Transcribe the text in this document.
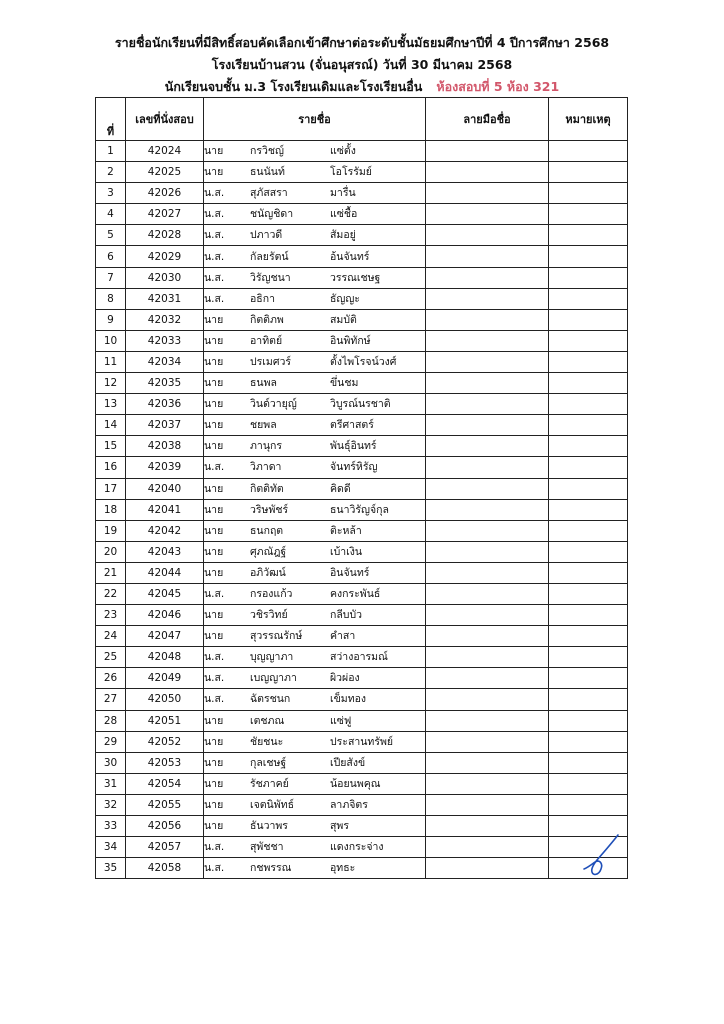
รายชื่อนักเรียนที่มีสิทธิ์สอบคัดเลือกเข้าศึกษาต่อระดับชั้นมัธยมศึกษาปีที่ 4 ปีการศึกษา 2568
โรงเรียนบ้านสวน (จั่นอนุสรณ์) วันที่ 30 มีนาคม 2568
นักเรียนจบชั้น ม.3 โรงเรียนเดิมและโรงเรียนอื่น ห้องสอบที่ 5 ห้อง 321
ที่	เลขที่นั่งสอบ	รายชื่อ	ลายมือชื่อ	หมายเหตุ
1	42024	นาย กรวิชญ์ แซ่ตั้ง		
2	42025	นาย ธนนันท์ โอโรรัมย์		
3	42026	น.ส. สุภัสสรา มารื่น		
4	42027	น.ส. ชนัญชิดา แซ่ชื้อ		
5	42028	น.ส. ปภาวดี สัมอยู่		
6	42029	น.ส. กัลยรัตน์ อ้นจันทร์		
7	42030	น.ส. วิรัญชนา วรรณเชษฐ		
8	42031	น.ส. อธิกา ธัญญะ		
9	42032	นาย กิตติภพ สมบัติ		
10	42033	นาย อาทิตย์ อินพิทักษ์		
11	42034	นาย ปรเมศวร์ ตั้งไพโรจน์วงศ์		
12	42035	นาย ธนพล ขึ่นชม		
13	42036	นาย วินด์วายุญ์ วิบูรณ์นรชาติ		
14	42037	นาย ชยพล ตรีศาสตร์		
15	42038	นาย ภานุกร พันธุ์อินทร์		
16	42039	น.ส. วิภาดา จันทร์หิรัญ		
17	42040	นาย กิตติทัต คิดดี		
18	42041	นาย วริษพัชร์ ธนาวิรัญจ์กุล		
19	42042	นาย ธนกฤต ติะหล้า		
20	42043	นาย ศุภณัฎฐ์ เบ้าเงิน		
21	42044	นาย อภิวัฒน์ อินจันทร์		
22	42045	น.ส. กรองแก้ว คงกระพันธ์		
23	42046	นาย วชิรวิทย์ กลีบบัว		
24	42047	นาย สุวรรณรักษ์ คำสา		
25	42048	น.ส. บุญญาภา สว่างอารมณ์		
26	42049	น.ส. เบญญาภา ผิวผ่อง		
27	42050	น.ส. ฉัตรชนก เข็มทอง		
28	42051	นาย เตชภณ แซ่ฟู		
29	42052	นาย ชัยชนะ ประสานทรัพย์		
30	42053	นาย กุลเชษฐ์ เปียสังข์		
31	42054	นาย รัชภาคย์ น้อยนพคุณ		
32	42055	นาย เจตนิพัทธ์ ลาภจิตร		
33	42056	นาย ธันวาพร สุพร		
34	42057	น.ส. สุพัชชา แดงกระจ่าง		
35	42058	น.ส. กชพรรณ อุทธะ		
